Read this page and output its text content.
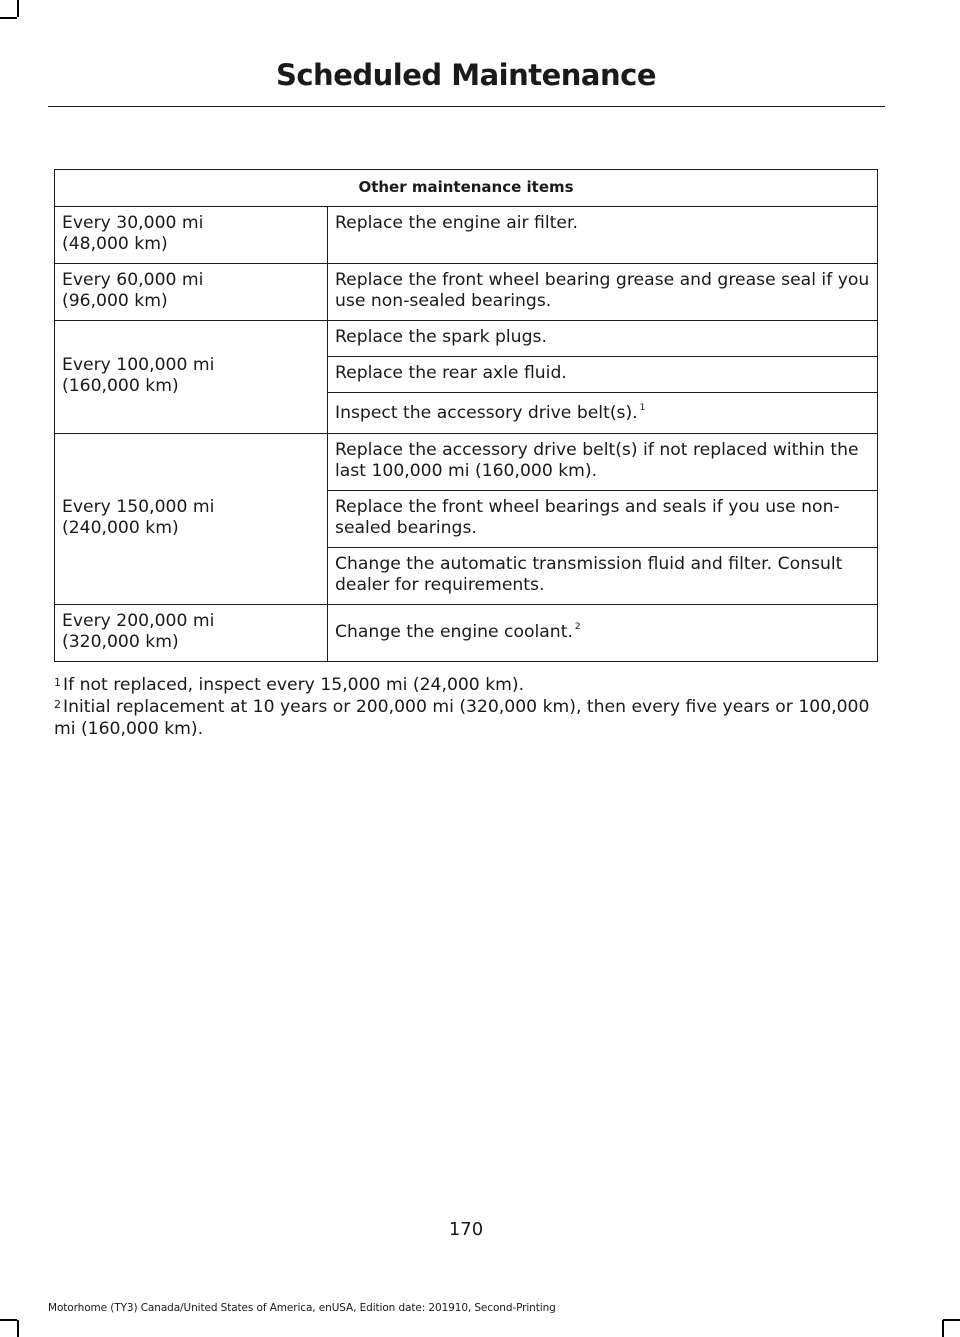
Scheduled Maintenance
Other maintenance items	

Every 30,000 mi
(48,000 km)	Replace the engine air filter.

Every 60,000 mi
(96,000 km)	Replace the front wheel bearing grease and grease seal if you use non-sealed bearings.

Every 100,000 mi
(160,000 km)	Replace the spark plugs.
	Replace the rear axle fluid.
	Inspect the accessory drive belt(s). $^1$

Every 150,000 mi
(240,000 km)	Replace the accessory drive belt(s) if not replaced within the last 100,000 mi (160,000 km).
	Replace the front wheel bearings and seals if you use non-sealed bearings.
	Change the automatic transmission fluid and filter. Consult dealer for requirements.

Every 200,000 mi
(320,000 km)	Change the engine coolant. $^2$

$^1$ If not replaced, inspect every 15,000 mi (24,000 km).

$^2$ Initial replacement at 10 years or 200,000 mi (320,000 km), then every five years or 100,000 mi (160,000 km).

170
Motorhome (TY3) Canada/United States of America, enUSA, Edition date: 201910, Second-Printing
